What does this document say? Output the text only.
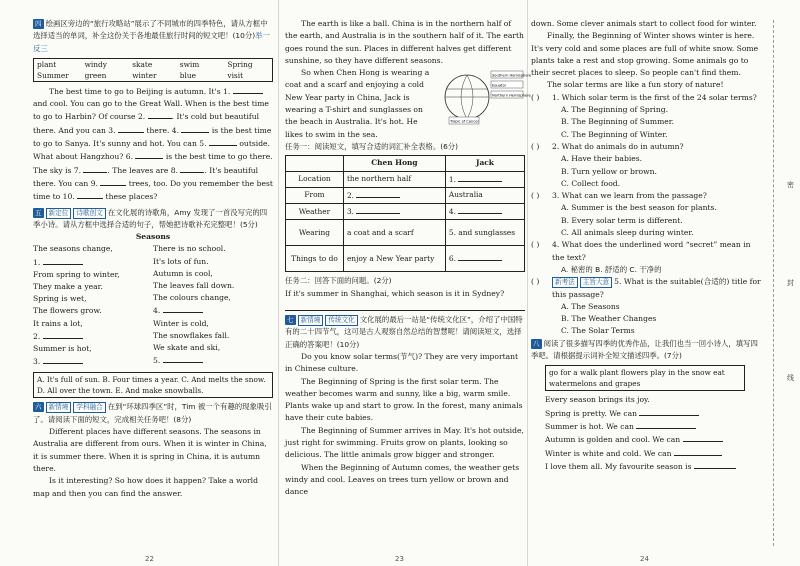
密
封
线
四 绘画区旁边的“旅行攻略站”展示了不同城市的四季特色，请从方框中选择适当的单词，补全这份关于各地最佳旅行时间的短文吧！(10分)举一反三
plant	windy	skate	swim	Spring
Summer	green	winter	blue	visit
The best time to go to Beijing is autumn. It's 1.  and cool. You can go to the Great Wall. When is the best time to go to Harbin? Of course 2.	. It's cold but beautiful there. And you can 3.	there. 4.	is the best time to go to Sanya. It's sunny and hot. You can 5.	outside. What about Hangzhou? 6.	is the best time to go there. The sky is 7.	. The leaves are 8.	. It's beautiful there. You can 9.	trees, too. Do you remember the best time to 10.	these places?
五 新定位 诗歌创文 在文化展的诗歌角，Amy 发现了一首没写完的四季小诗。请从方框中选择合适的句子，帮她把诗歌补充完整吧！(5分)
Seasons
The seasons change,
1.
From spring to winter,
They make a year.
Spring is wet,
The flowers grow.
It rains a lot,
2.
Summer is hot,
3.
There is no school.
It's lots of fun.
Autumn is cool,
The leaves fall down.
The colours change,
4.
Winter is cold,
The snowflakes fall.
We skate and ski,
5.
A. It's full of sun. B. Four times a year. C. And melts the snow. D. All over the town. E. And make snowballs.
六 新情境 学科融合 在到“环球四季区”时，Tim 被一个有趣的现象吸引了。请阅读下面的短文，完成相关任务吧！(8分)
Different places have different seasons. The seasons in Australia are different from ours. When it is winter in China, it is summer there. When it is spring in China, it is autumn there.
Is it interesting? So how does it happen? Take a world map and then you can find the answer.
22
The earth is like a ball. China is in the northern half of the earth, and Australia is in the southern half of it. The earth goes round the sun. Places in different halves get different sunshine, so they have different seasons.
Southern Hemisphere
Equator
Northern Hemisphere
Tropic of Cancer
So when Chen Hong is wearing a coat and a scarf and enjoying a cold New Year party in China, Jack is wearing a T-shirt and sunglasses on the beach in Australia. It's hot. He likes to swim in the sea.
任务一：阅读短文，填写合适的词汇补全表格。(6分)
	Chen Hong	Jack
Location	the northern half	1.
From	2.	Australia
Weather	3.	4.
Wearing	a coat and a scarf	5. and sunglasses
Things to do	enjoy a New Year party	6.
任务二：回答下面的问题。(2分)
If it's summer in Shanghai, which season is it in Sydney?
七 新情境 传统文化 文化展的最后一站是“传统文化区”，介绍了中国特有的二十四节气，这可是古人观察自然总结的智慧呢！请阅读短文，选择正确的答案吧！(10分)
Do you know solar terms(节气)? They are very important in Chinese culture.
The Beginning of Spring is the first solar term. The weather becomes warm and sunny, like a big, warm smile. Plants wake up and start to grow. In the forest, many animals have their cute babies.
The Beginning of Summer arrives in May. It's hot outside, just right for swimming. Fruits grow on plants, looking so delicious. The little animals grow bigger and stronger.
When the Beginning of Autumn comes, the weather gets windy and cool. Leaves on trees turn yellow or brown and dance
23
down. Some clever animals start to collect food for winter.
Finally, the Beginning of Winter shows winter is here. It's very cold and some places are full of white snow. Some plants take a rest and stop growing. Some animals go to their secret places to sleep. So people can't find them.
The solar terms are like a fun story of nature!
( )	1. Which solar term is the first of the 24 solar terms?
A. The Beginning of Spring.
B. The Beginning of Summer.
C. The Beginning of Winter.
( )	2. What do animals do in autumn?
A. Have their babies.
B. Turn yellow or brown.
C. Collect food.
( )	3. What can we learn from the passage?
A. Summer is the best season for plants.
B. Every solar term is different.
C. All animals sleep during winter.
( )	4. What does the underlined word “secret” mean in the text?
A. 秘密的 B. 舒适的 C. 干净的
( )	新考法 主旨大意 5. What is the suitable(合适的) title for this passage?
A. The Seasons
B. The Weather Changes
C. The Solar Terms
八 阅读了很多描写四季的优秀作品，让我们也当一回小诗人，填写四季吧。请根据提示词补全短文描述四季。(7分)
go for a walk plant flowers play in the snow eat watermelons and grapes
Every season brings its joy.
Spring is pretty. We can
Summer is hot. We can
Autumn is golden and cool. We can
Winter is white and cold. We can
I love them all. My favourite season is
24
